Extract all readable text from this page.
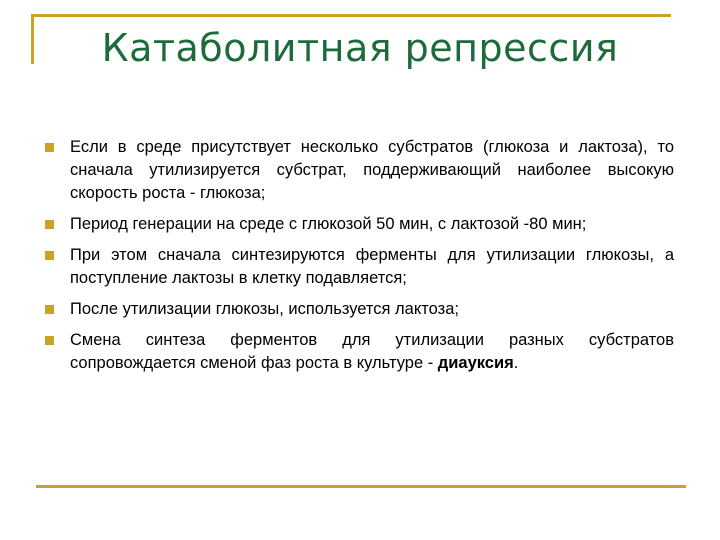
Катаболитная репрессия
Если в среде присутствует несколько субстратов (глюкоза и лактоза), то сначала утилизируется субстрат, поддерживающий наиболее высокую скорость роста - глюкоза;
Период генерации на среде с глюкозой 50 мин, с лактозой -80 мин;
При этом сначала синтезируются ферменты для утилизации глюкозы, а поступление лактозы в клетку подавляется;
После утилизации глюкозы, используется лактоза;
Смена синтеза ферментов для утилизации разных субстратов сопровождается сменой фаз роста в культуре - диауксия.
